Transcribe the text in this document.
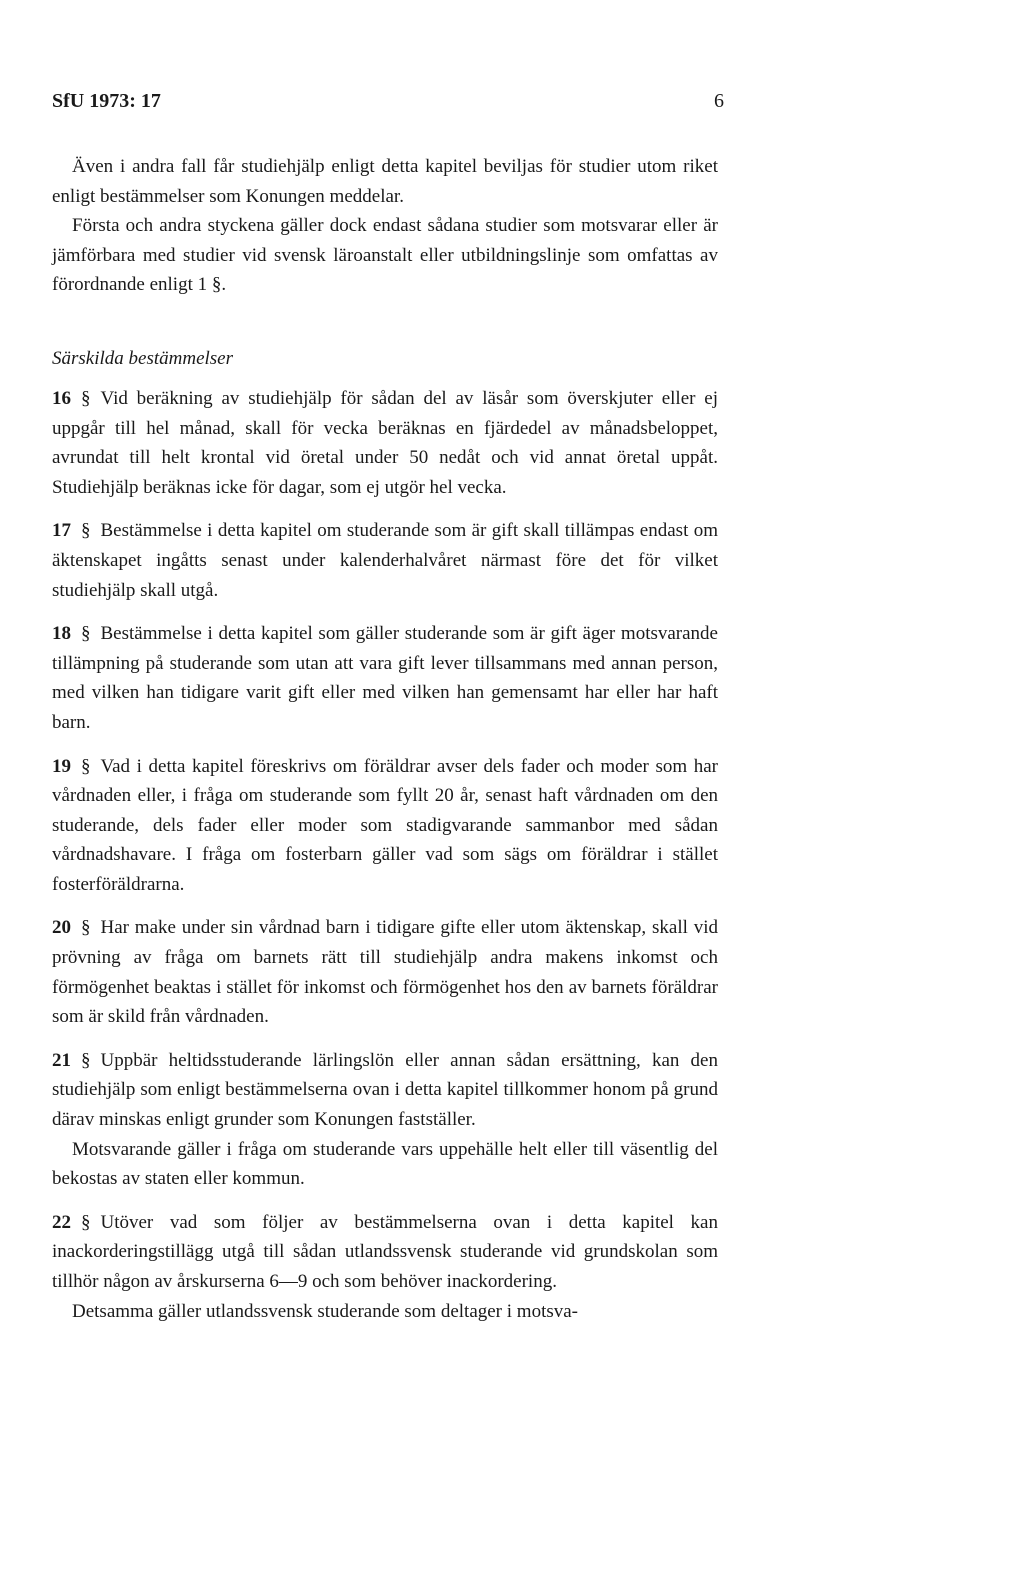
SfU 1973: 17	6

Även i andra fall får studiehjälp enligt detta kapitel beviljas för studier utom riket enligt bestämmelser som Konungen meddelar.

Första och andra styckena gäller dock endast sådana studier som motsvarar eller är jämförbara med studier vid svensk läroanstalt eller utbildningslinje som omfattas av förordnande enligt 1 §.

Särskilda bestämmelser

16 § Vid beräkning av studiehjälp för sådan del av läsår som överskjuter eller ej uppgår till hel månad, skall för vecka beräknas en fjärdedel av månadsbeloppet, avrundat till helt krontal vid öretal under 50 nedåt och vid annat öretal uppåt. Studiehjälp beräknas icke för dagar, som ej utgör hel vecka.

17 § Bestämmelse i detta kapitel om studerande som är gift skall tillämpas endast om äktenskapet ingåtts senast under kalenderhalvåret närmast före det för vilket studiehjälp skall utgå.

18 § Bestämmelse i detta kapitel som gäller studerande som är gift äger motsvarande tillämpning på studerande som utan att vara gift lever tillsammans med annan person, med vilken han tidigare varit gift eller med vilken han gemensamt har eller har haft barn.

19 § Vad i detta kapitel föreskrivs om föräldrar avser dels fader och moder som har vårdnaden eller, i fråga om studerande som fyllt 20 år, senast haft vårdnaden om den studerande, dels fader eller moder som stadigvarande sammanbor med sådan vårdnadshavare. I fråga om fosterbarn gäller vad som sägs om föräldrar i stället fosterföräldrarna.

20 § Har make under sin vårdnad barn i tidigare gifte eller utom äktenskap, skall vid prövning av fråga om barnets rätt till studiehjälp andra makens inkomst och förmögenhet beaktas i stället för inkomst och förmögenhet hos den av barnets föräldrar som är skild från vårdnaden.

21 § Uppbär heltidsstuderande lärlingslön eller annan sådan ersättning, kan den studiehjälp som enligt bestämmelserna ovan i detta kapitel tillkommer honom på grund därav minskas enligt grunder som Konungen fastställer.

Motsvarande gäller i fråga om studerande vars uppehälle helt eller till väsentlig del bekostas av staten eller kommun.

22 § Utöver vad som följer av bestämmelserna ovan i detta kapitel kan inackorderingstillägg utgå till sådan utlandssvensk studerande vid grundskolan som tillhör någon av årskurserna 6—9 och som behöver inackordering.

Detsamma gäller utlandssvensk studerande som deltager i motsva-
